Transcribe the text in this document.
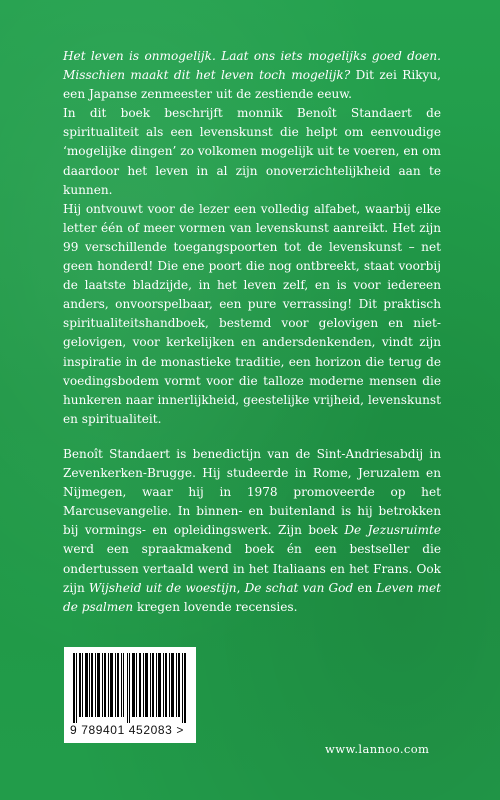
Het leven is onmogelijk. Laat ons iets mogelijks goed doen. Misschien maakt dit het leven toch mogelijk? Dit zei Rikyu, een Japanse zenmeester uit de zestiende eeuw.

In dit boek beschrijft monnik Benoît Standaert de spiritualiteit als een levenskunst die helpt om eenvoudige ‘mogelijke dingen’ zo volkomen mogelijk uit te voeren, en om daardoor het leven in al zijn onoverzichtelijkheid aan te kunnen.

Hij ontvouwt voor de lezer een volledig alfabet, waarbij elke letter één of meer vormen van levenskunst aanreikt. Het zijn 99 verschillende toegangspoorten tot de levenskunst – net geen honderd! Die ene poort die nog ontbreekt, staat voorbij de laatste bladzijde, in het leven zelf, en is voor iedereen anders, onvoorspelbaar, een pure verrassing! Dit praktisch spiritualiteitshandboek, bestemd voor gelovigen en niet-gelovigen, voor kerkelijken en andersdenkenden, vindt zijn inspiratie in de monastieke traditie, een horizon die terug de voedingsbodem vormt voor die talloze moderne mensen die hunkeren naar innerlijkheid, geestelijke vrijheid, levenskunst en spiritualiteit.

Benoît Standaert is benedictijn van de Sint-Andriesabdij in Zevenkerken-Brugge. Hij studeerde in Rome, Jeruzalem en Nijmegen, waar hij in 1978 promoveerde op het Marcusevangelie. In binnen- en buitenland is hij betrokken bij vormings- en opleidingswerk. Zijn boek De Jezusruimte werd een spraakmakend boek én een bestseller die ondertussen vertaald werd in het Italiaans en het Frans. Ook zijn Wijsheid uit de woestijn, De schat van God en Leven met de psalmen kregen lovende recensies.

9 789401 452083 >
www.lannoo.com
